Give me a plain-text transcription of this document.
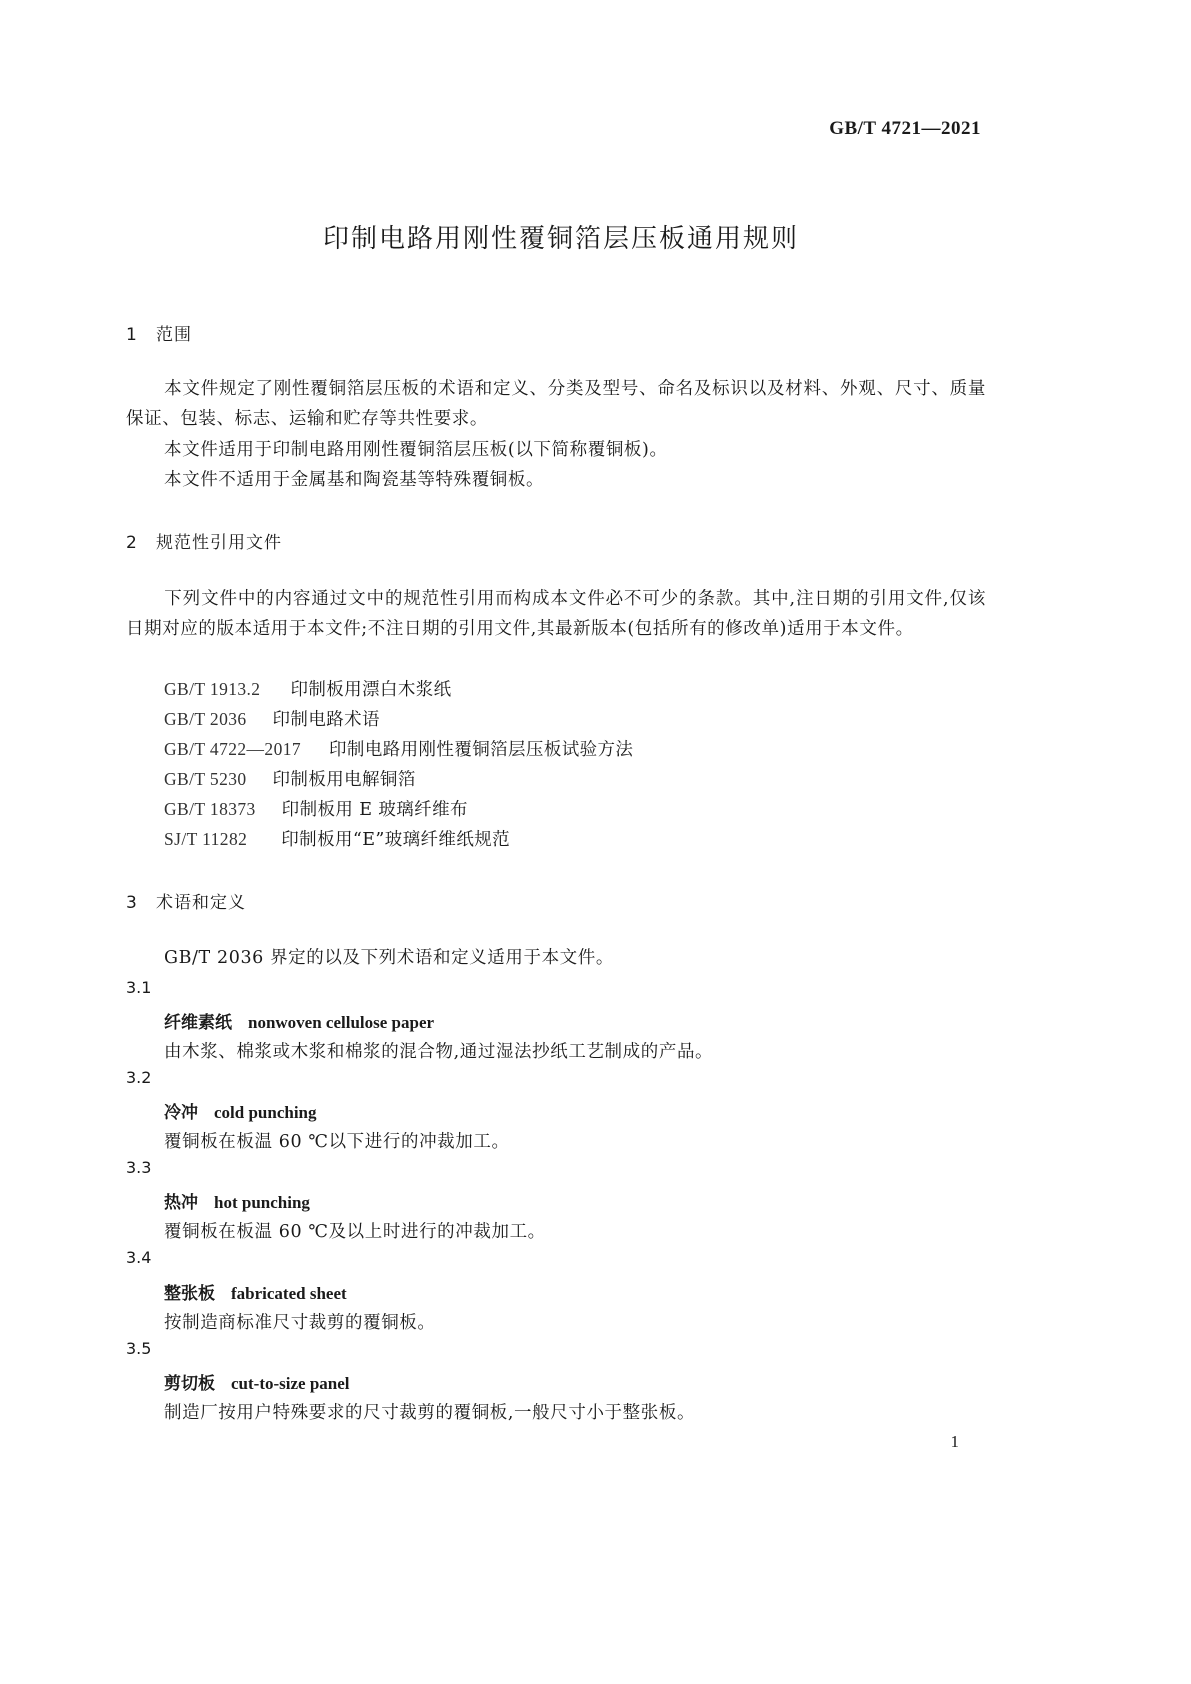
GB/T 4721—2021
印制电路用刚性覆铜箔层压板通用规则
1 范围
本文件规定了刚性覆铜箔层压板的术语和定义、分类及型号、命名及标识以及材料、外观、尺寸、质量保证、包装、标志、运输和贮存等共性要求。
本文件适用于印制电路用刚性覆铜箔层压板(以下简称覆铜板)。
本文件不适用于金属基和陶瓷基等特殊覆铜板。
2 规范性引用文件
下列文件中的内容通过文中的规范性引用而构成本文件必不可少的条款。其中,注日期的引用文件,仅该日期对应的版本适用于本文件;不注日期的引用文件,其最新版本(包括所有的修改单)适用于本文件。
GB/T 1913.2 印制板用漂白木浆纸
GB/T 2036 印制电路术语
GB/T 4722—2017 印制电路用刚性覆铜箔层压板试验方法
GB/T 5230 印制板用电解铜箔
GB/T 18373 印制板用 E 玻璃纤维布
SJ/T 11282 印制板用“E”玻璃纤维纸规范
3 术语和定义
GB/T 2036 界定的以及下列术语和定义适用于本文件。
3.1
纤维素纸 nonwoven cellulose paper
由木浆、棉浆或木浆和棉浆的混合物,通过湿法抄纸工艺制成的产品。
3.2
冷冲 cold punching
覆铜板在板温 60 ℃以下进行的冲裁加工。
3.3
热冲 hot punching
覆铜板在板温 60 ℃及以上时进行的冲裁加工。
3.4
整张板 fabricated sheet
按制造商标准尺寸裁剪的覆铜板。
3.5
剪切板 cut-to-size panel
制造厂按用户特殊要求的尺寸裁剪的覆铜板,一般尺寸小于整张板。
1
